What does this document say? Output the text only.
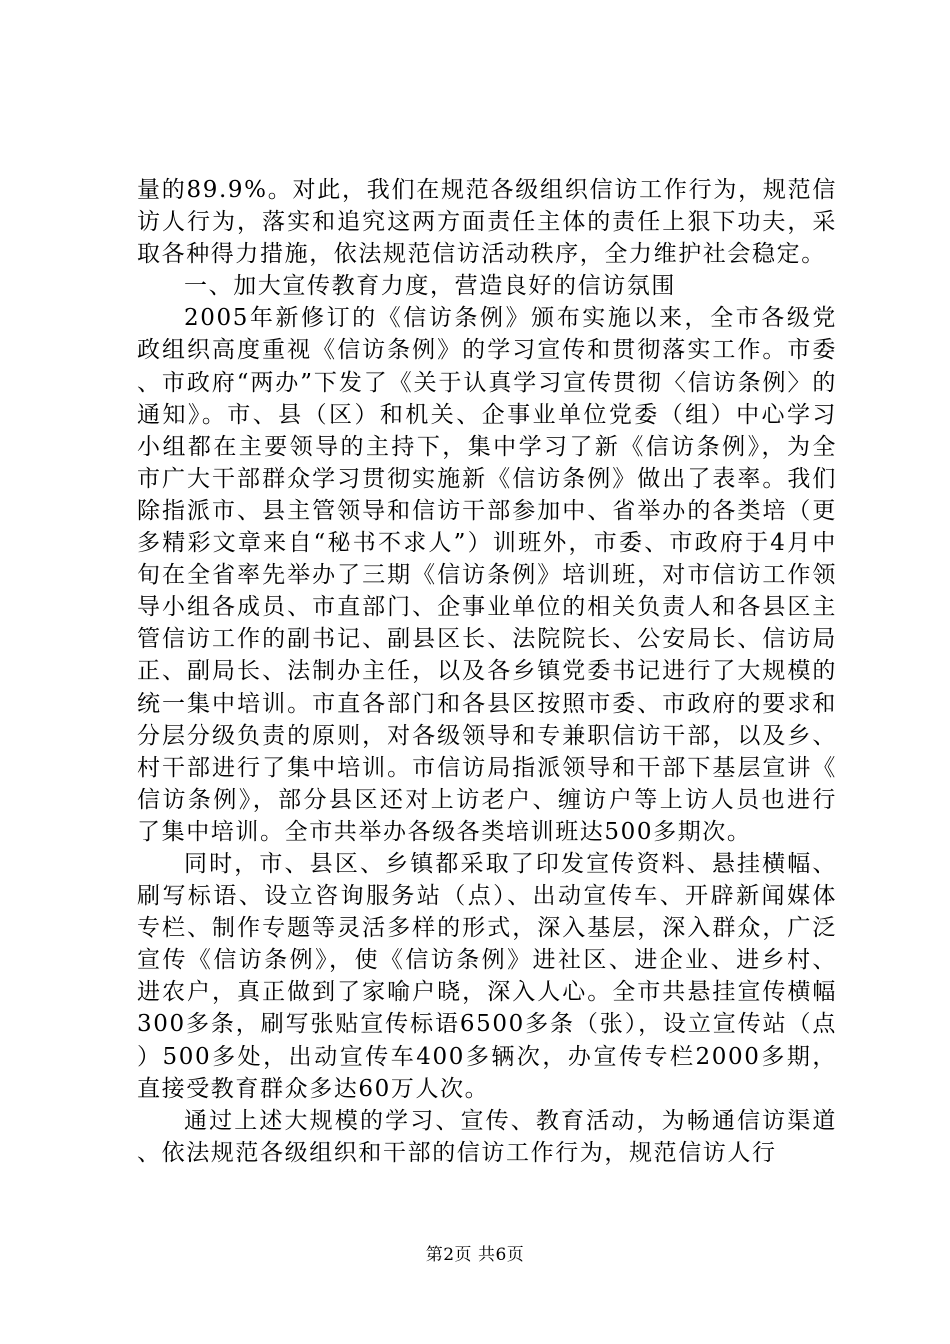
量的89.9%。对此，我们在规范各级组织信访工作行为，规范信访人行为，落实和追究这两方面责任主体的责任上狠下功夫，采取各种得力措施，依法规范信访活动秩序，全力维护社会稳定。

一、加大宣传教育力度，营造良好的信访氛围

2005年新修订的《信访条例》颁布实施以来，全市各级党政组织高度重视《信访条例》的学习宣传和贯彻落实工作。市委、市政府“两办”下发了《关于认真学习宣传贯彻〈信访条例〉的通知》。市、县（区）和机关、企事业单位党委（组）中心学习小组都在主要领导的主持下，集中学习了新《信访条例》，为全市广大干部群众学习贯彻实施新《信访条例》做出了表率。我们除指派市、县主管领导和信访干部参加中、省举办的各类培（更多精彩文章来自“秘书不求人”）训班外，市委、市政府于4月中旬在全省率先举办了三期《信访条例》培训班，对市信访工作领导小组各成员、市直部门、企事业单位的相关负责人和各县区主管信访工作的副书记、副县区长、法院院长、公安局长、信访局正、副局长、法制办主任，以及各乡镇党委书记进行了大规模的统一集中培训。市直各部门和各县区按照市委、市政府的要求和分层分级负责的原则，对各级领导和专兼职信访干部，以及乡、村干部进行了集中培训。市信访局指派领导和干部下基层宣讲《信访条例》，部分县区还对上访老户、缠访户等上访人员也进行了集中培训。全市共举办各级各类培训班达500多期次。

同时，市、县区、乡镇都采取了印发宣传资料、悬挂横幅、刷写标语、设立咨询服务站（点）、出动宣传车、开辟新闻媒体专栏、制作专题等灵活多样的形式，深入基层，深入群众，广泛宣传《信访条例》，使《信访条例》进社区、进企业、进乡村、进农户，真正做到了家喻户晓，深入人心。全市共悬挂宣传横幅300多条，刷写张贴宣传标语6500多条（张），设立宣传站（点）500多处，出动宣传车400多辆次，办宣传专栏2000多期，直接受教育群众多达60万人次。

通过上述大规模的学习、宣传、教育活动，为畅通信访渠道、依法规范各级组织和干部的信访工作行为，规范信访人行

第2页 共6页
